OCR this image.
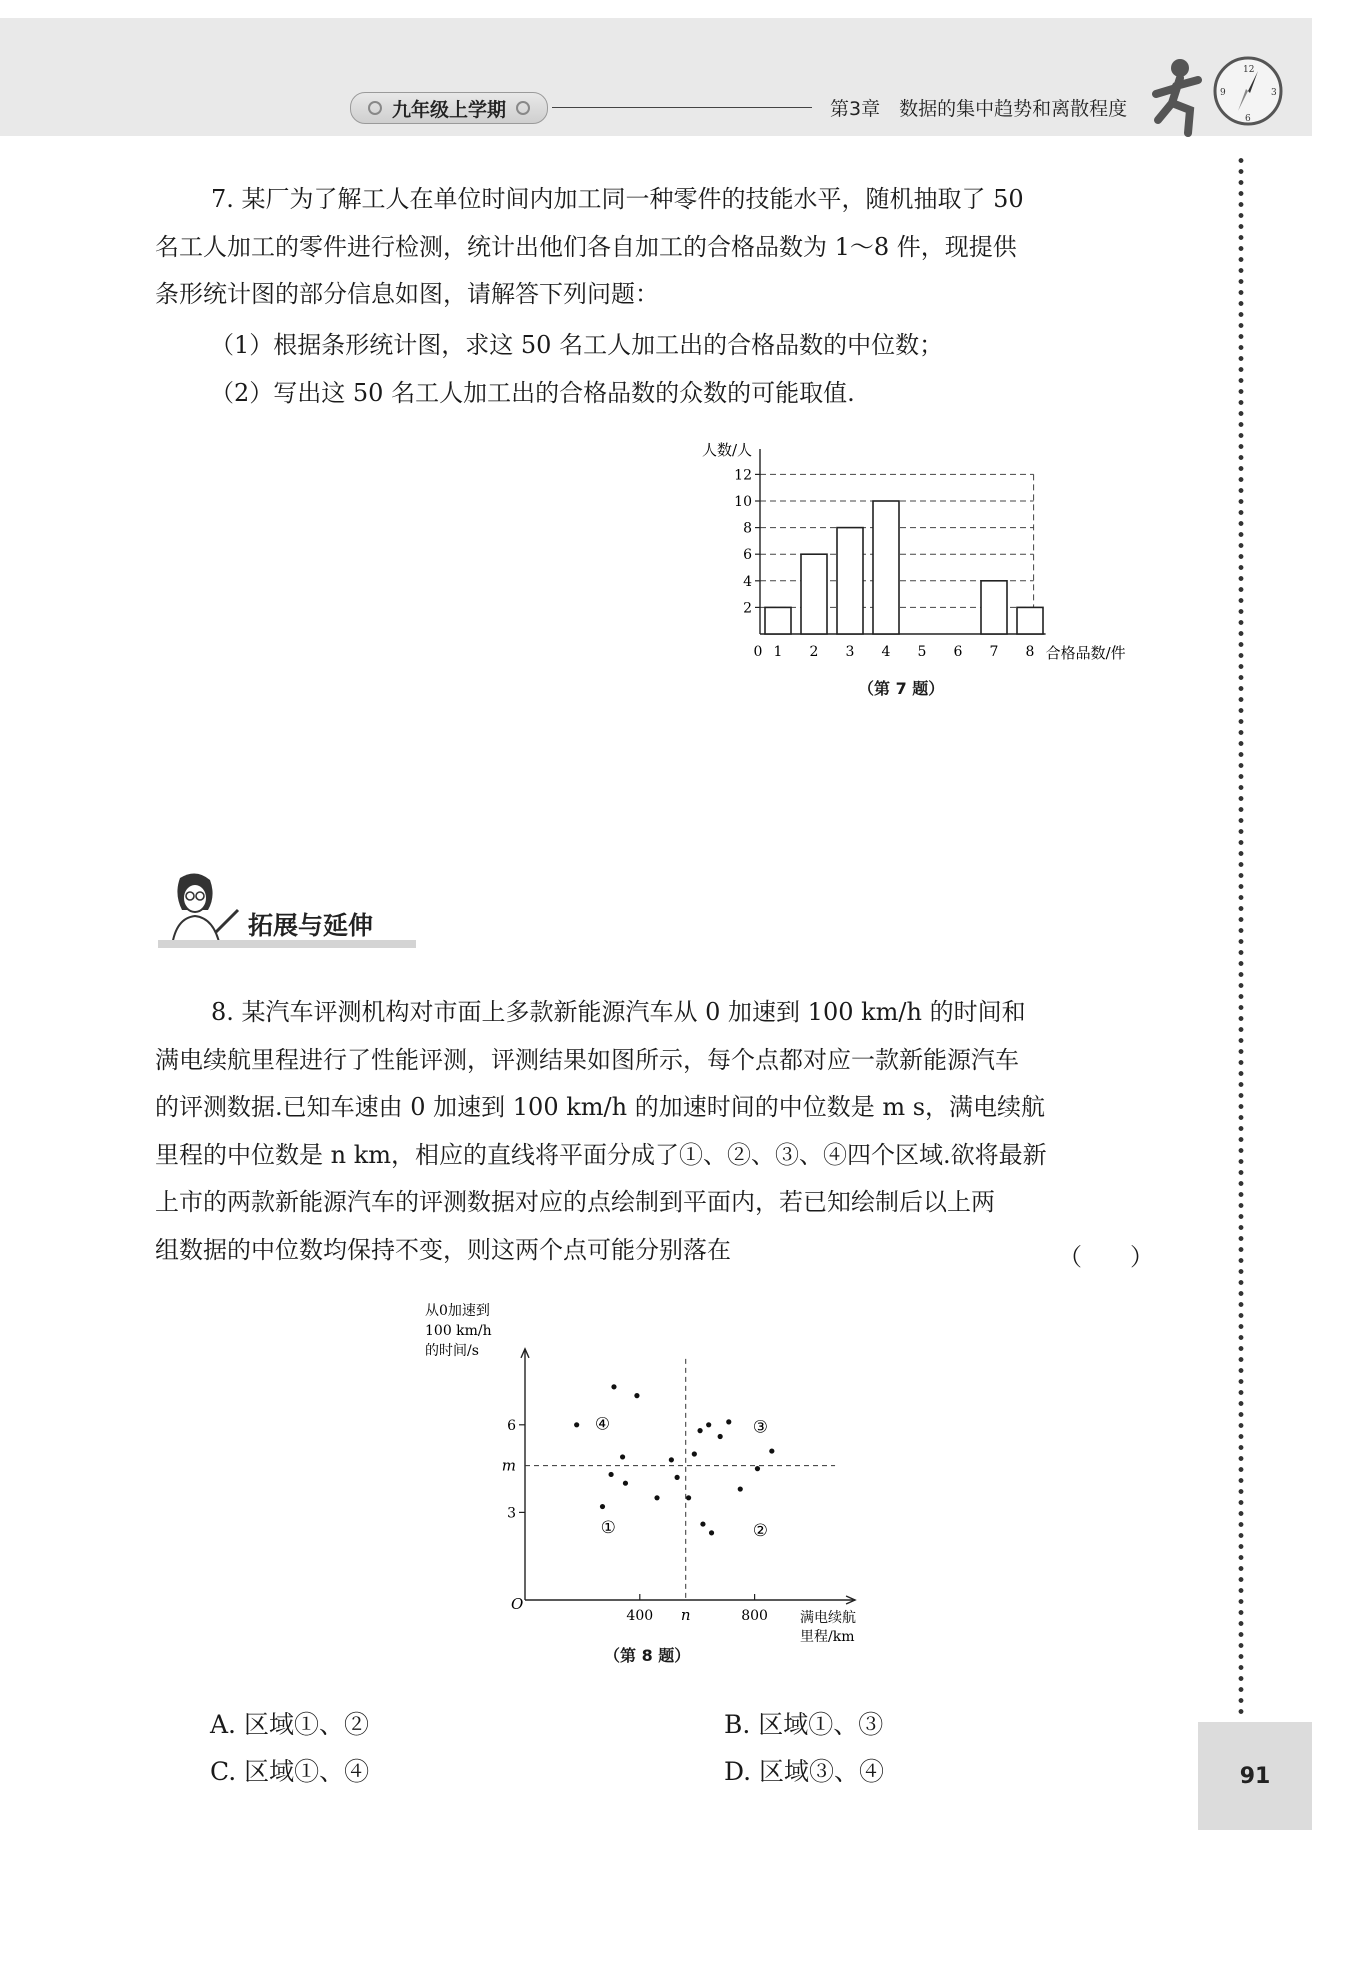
九年级上学期	第3章　数据的集中趋势和离散程度
12
3
6
9
91

7. 某厂为了解工人在单位时间内加工同一种零件的技能水平，随机抽取了 50

名工人加工的零件进行检测，统计出他们各自加工的合格品数为 1～8 件，现提供

条形统计图的部分信息如图，请解答下列问题：

（1）根据条形统计图，求这 50 名工人加工出的合格品数的中位数；
（2）写出这 50 名工人加工出的合格品数的众数的可能取值.
2
4
6
8
10
12
人数/人
0	合格品数/件
1 2 3 4 5 6 7 8
（第 7 题）
拓展与延伸

8. 某汽车评测机构对市面上多款新能源汽车从 0 加速到 100 km/h 的时间和

满电续航里程进行了性能评测，评测结果如图所示，每个点都对应一款新能源汽车

的评测数据.已知车速由 0 加速到 100 km/h 的加速时间的中位数是 m s，满电续航

里程的中位数是 n km，相应的直线将平面分成了①、②、③、④四个区域.欲将最新

上市的两款新能源汽车的评测数据对应的点绘制到平面内，若已知绘制后以上两

组数据的中位数均保持不变，则这两个点可能分别落在	（　　）
从0加速到
100 km/h
的时间/s
满电续航
里程/km
O
6
3
400	800
n
m
①	②
③
④
（第 8 题）
A. 区域①、②	B. 区域①、③
C. 区域①、④	D. 区域③、④
